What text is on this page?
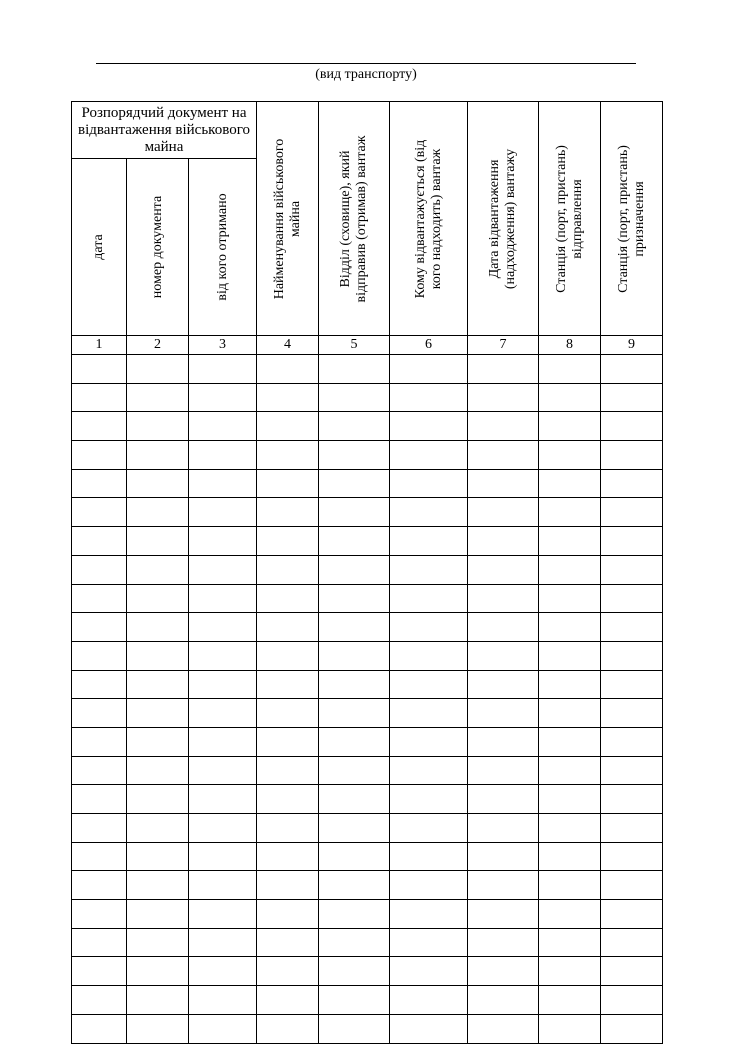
(вид транспорту)
Розпорядчий документ на відвантаження військового майна			Найменування військового майна	Відділ (сховище), який відправив (отримав) вантаж	Кому відвантажується (від кого надходить) вантаж	Дата відвантаження (надходження) вантажу	Станція (порт, пристань) відправлення	Станція (порт, пристань) призначення

дата	номер документа	від кого отримано						

1	2	3	4	5	6	7	8	9
